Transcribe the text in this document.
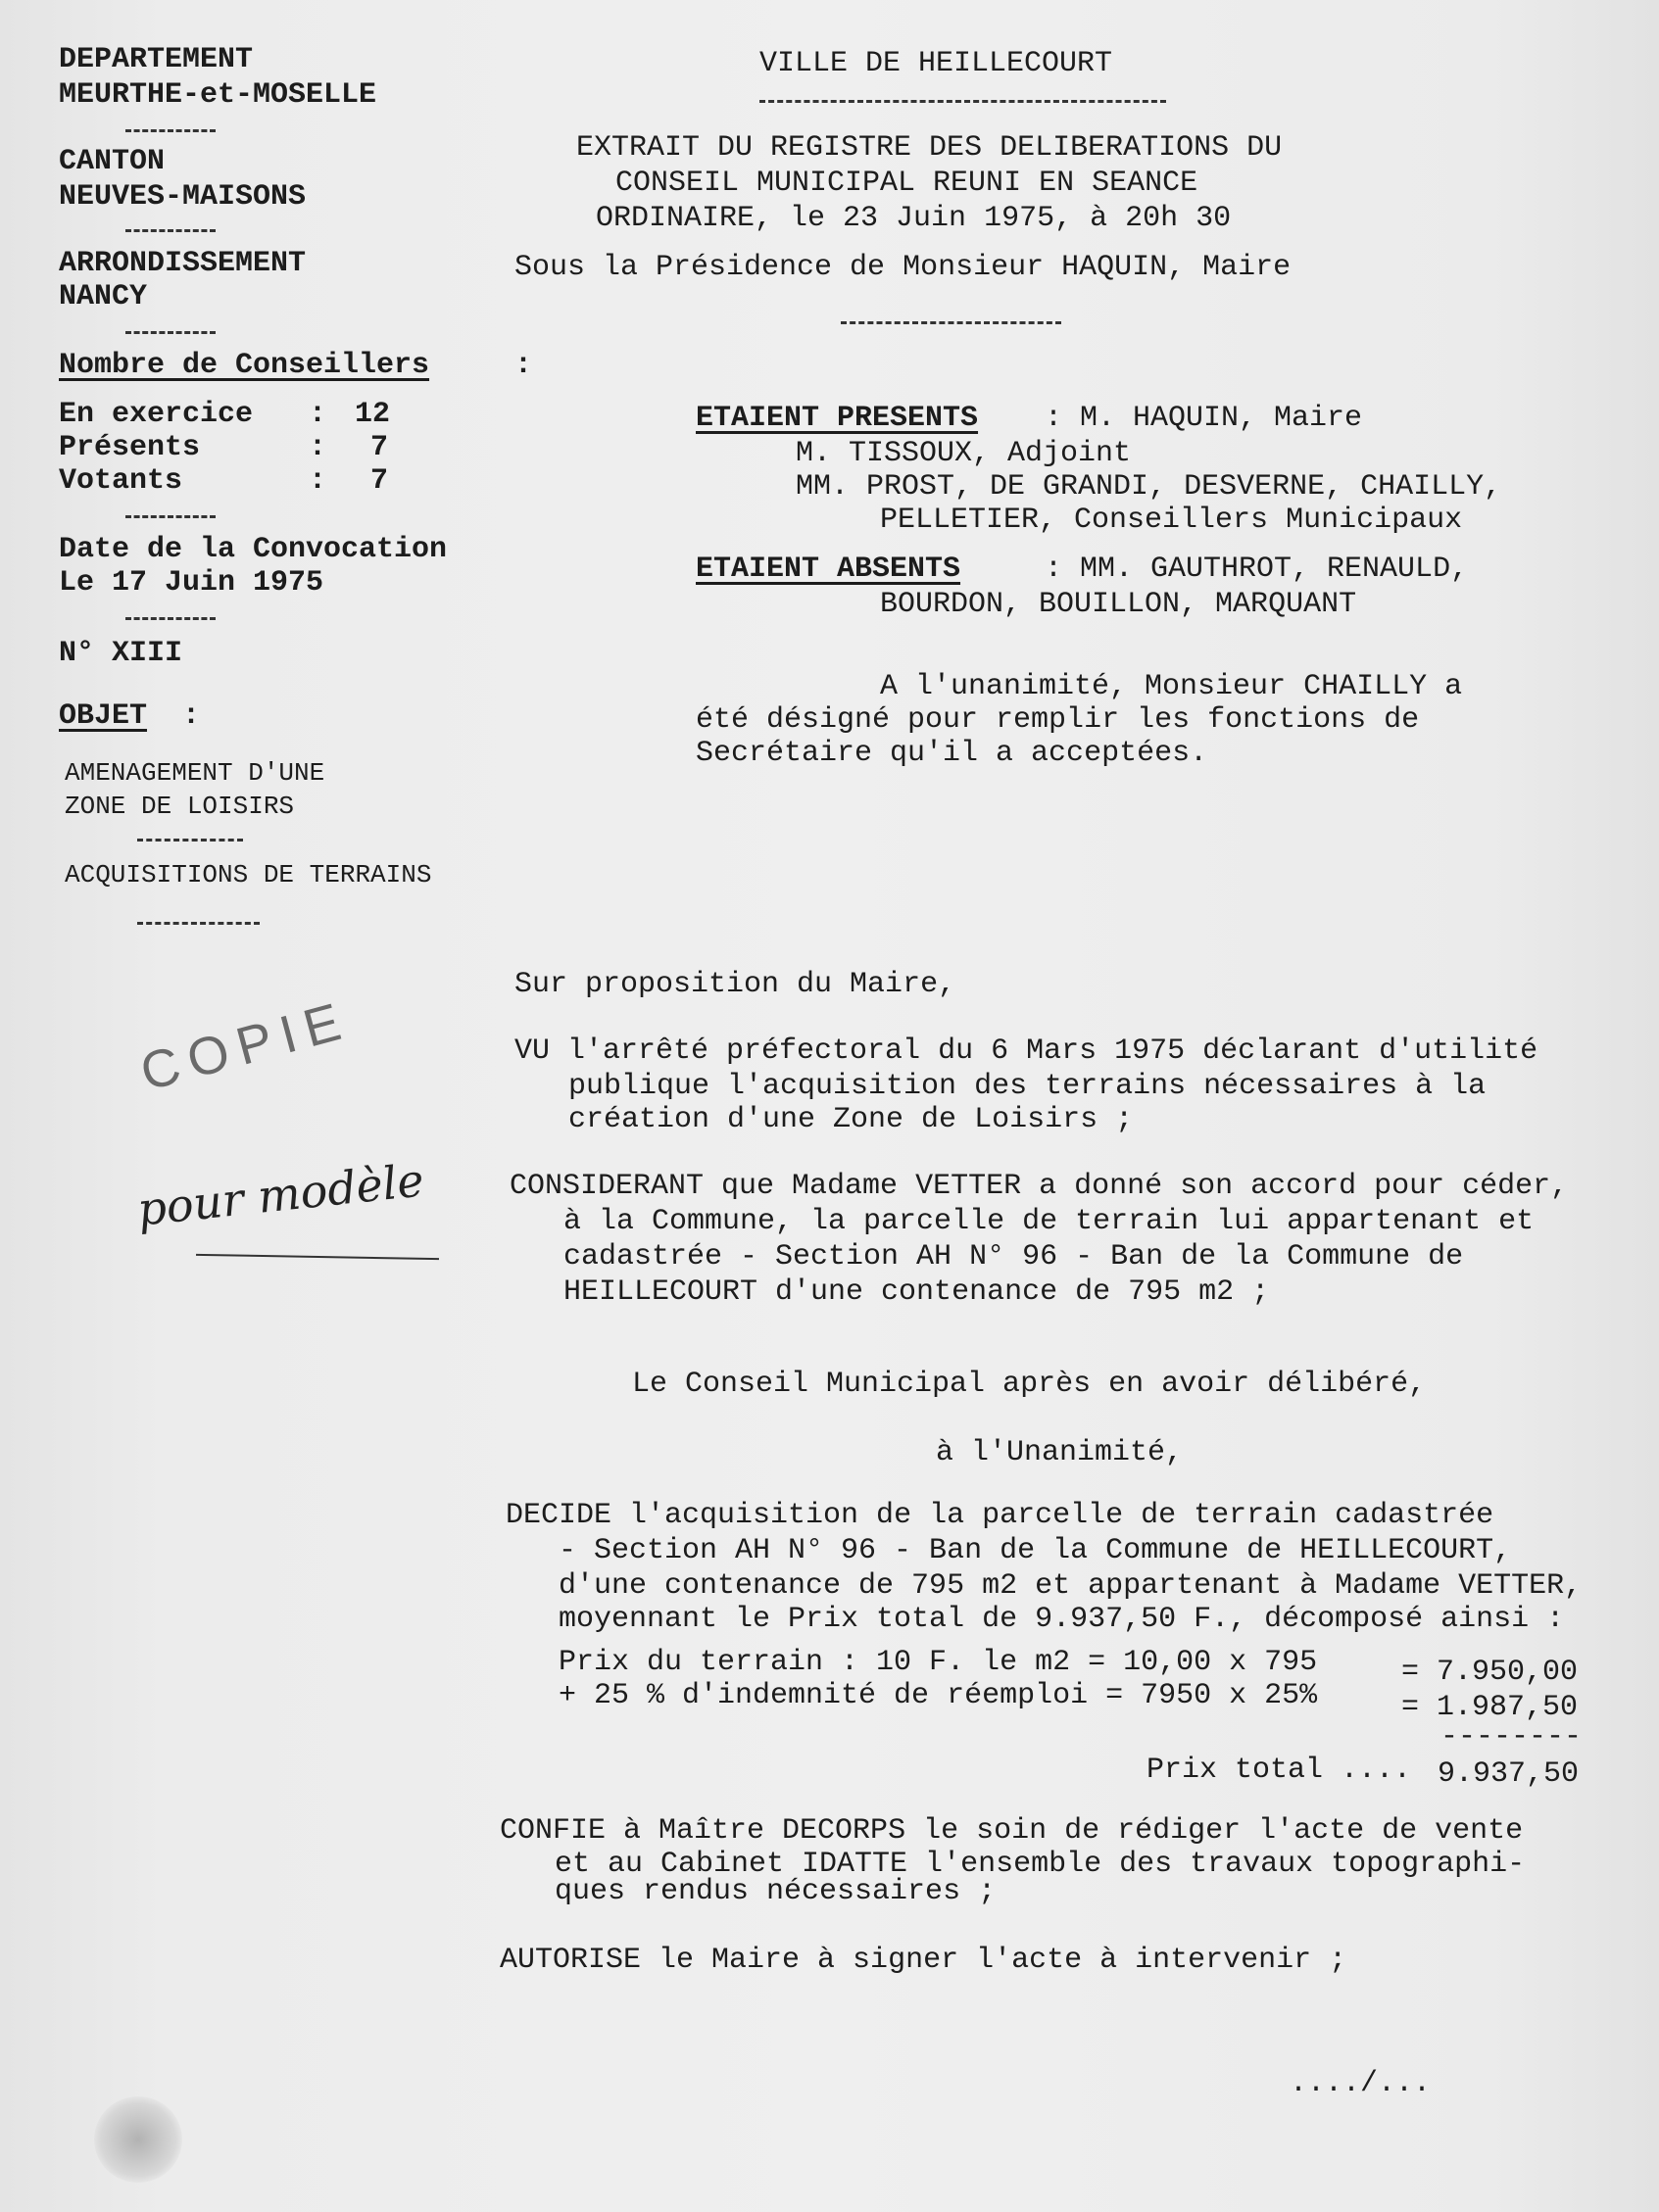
DEPARTEMENT
MEURTHE-et-MOSELLE
CANTON
NEUVES-MAISONS
ARRONDISSEMENT
NANCY
Nombre de Conseillers	:
En exercice : 12
Présents	: 7
Votants	: 7
Date de la Convocation
Le 17 Juin 1975
N° XIII
OBJET :
AMENAGEMENT D'UNE
ZONE DE LOISIRS
ACQUISITIONS DE TERRAINS
VILLE DE HEILLECOURT
EXTRAIT DU REGISTRE DES DELIBERATIONS DU
CONSEIL MUNICIPAL REUNI EN SEANCE
ORDINAIRE, le 23 Juin 1975, à 20h 30
Sous la Présidence de Monsieur HAQUIN, Maire
ETAIENT PRESENTS : M. HAQUIN, Maire
M. TISSOUX, Adjoint
MM. PROST, DE GRANDI, DESVERNE, CHAILLY,
PELLETIER, Conseillers Municipaux
ETAIENT ABSENTS	: MM. GAUTHROT, RENAULD,
BOURDON, BOUILLON, MARQUANT
A l'unanimité, Monsieur CHAILLY a
été désigné pour remplir les fonctions de
Secrétaire qu'il a acceptées.
COPIE
pour modèle
Sur proposition du Maire,
VU l'arrêté préfectoral du 6 Mars 1975 déclarant d'utilité
publique l'acquisition des terrains nécessaires à la
création d'une Zone de Loisirs ;
CONSIDERANT que Madame VETTER a donné son accord pour céder,
à la Commune, la parcelle de terrain lui appartenant et
cadastrée - Section AH N° 96 - Ban de la Commune de
HEILLECOURT d'une contenance de 795 m2 ;
Le Conseil Municipal après en avoir délibéré,
à l'Unanimité,
DECIDE l'acquisition de la parcelle de terrain cadastrée
- Section AH N° 96 - Ban de la Commune de HEILLECOURT,
d'une contenance de 795 m2 et appartenant à Madame VETTER,
moyennant le Prix total de 9.937,50 F., décomposé ainsi :
Prix du terrain : 10 F. le m2 = 10,00 x 795	= 7.950,00
+ 25 % d'indemnité de réemploi = 7950 x 25%	= 1.987,50
--------
Prix total .... 9.937,50
CONFIE à Maître DECORPS le soin de rédiger l'acte de vente
et au Cabinet IDATTE l'ensemble des travaux topographi-
ques rendus nécessaires ;
AUTORISE le Maire à signer l'acte à intervenir ;
..../...
